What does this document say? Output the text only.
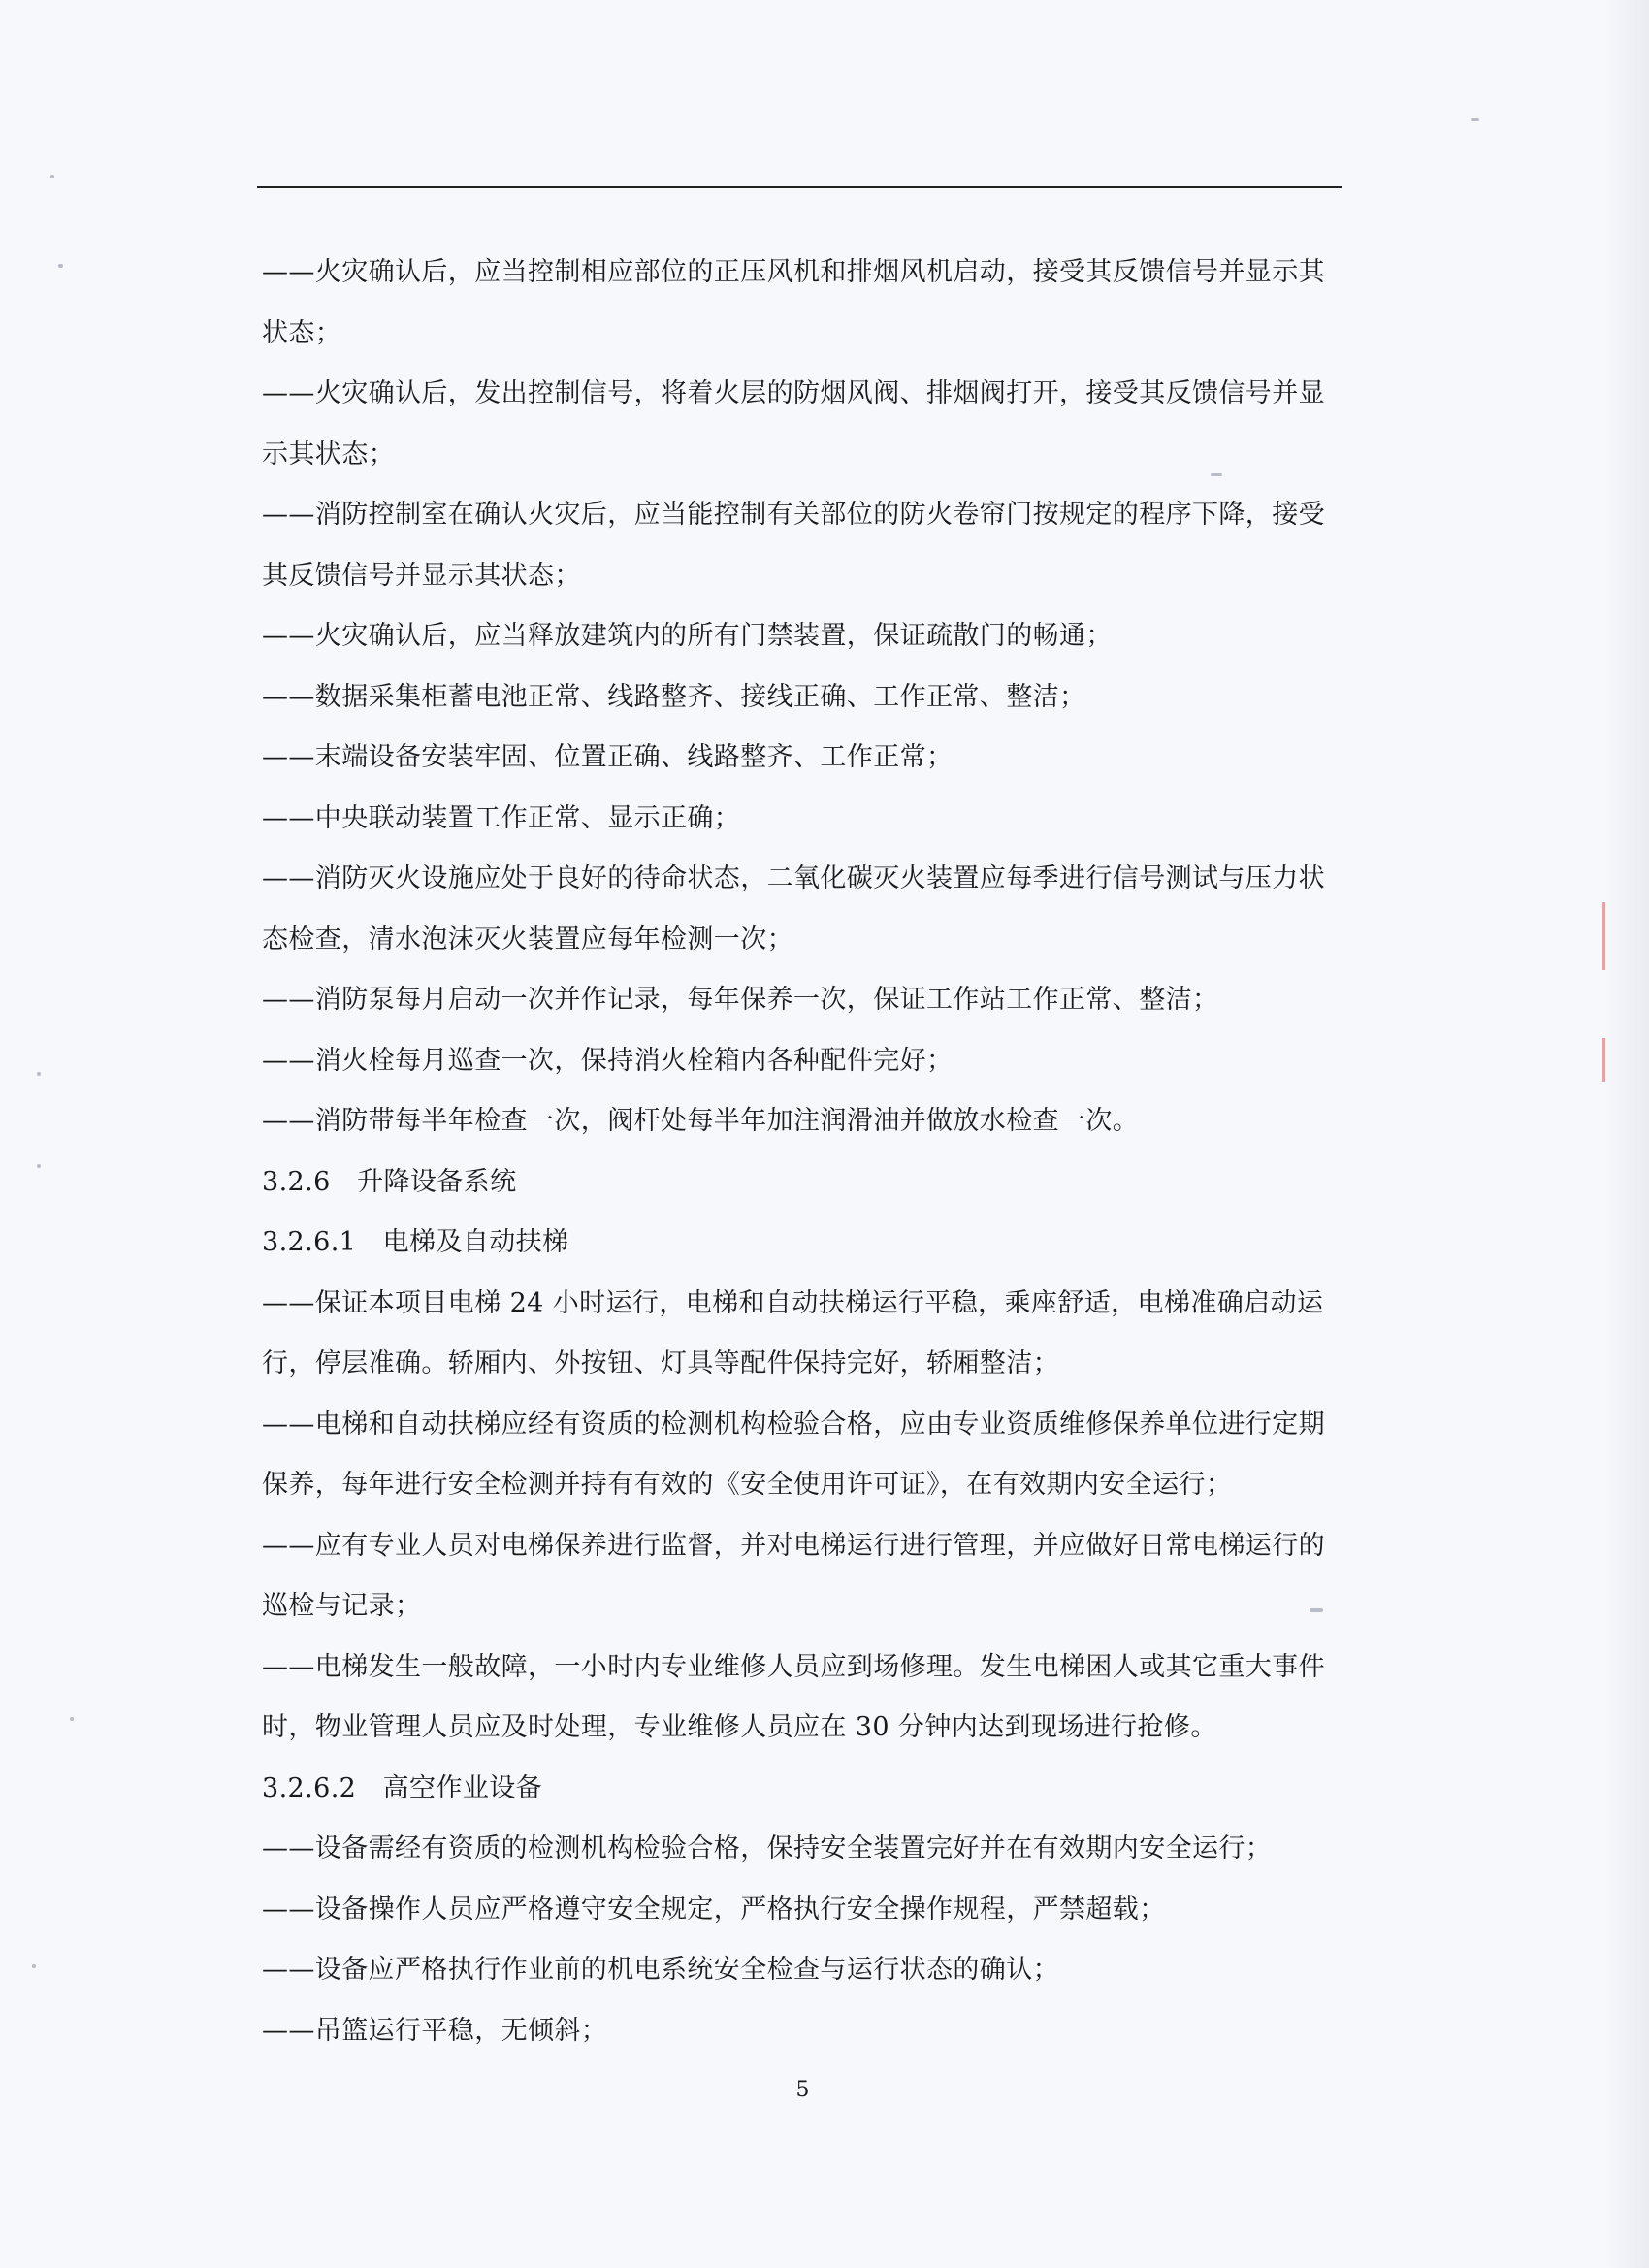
——火灾确认后，应当控制相应部位的正压风机和排烟风机启动，接受其反馈信号并显示其
状态；
——火灾确认后，发出控制信号，将着火层的防烟风阀、排烟阀打开，接受其反馈信号并显
示其状态；
——消防控制室在确认火灾后，应当能控制有关部位的防火卷帘门按规定的程序下降，接受
其反馈信号并显示其状态；
——火灾确认后，应当释放建筑内的所有门禁装置，保证疏散门的畅通；
——数据采集柜蓄电池正常、线路整齐、接线正确、工作正常、整洁；
——末端设备安装牢固、位置正确、线路整齐、工作正常；
——中央联动装置工作正常、显示正确；
——消防灭火设施应处于良好的待命状态，二氧化碳灭火装置应每季进行信号测试与压力状
态检查，清水泡沫灭火装置应每年检测一次；
——消防泵每月启动一次并作记录，每年保养一次，保证工作站工作正常、整洁；
——消火栓每月巡查一次，保持消火栓箱内各种配件完好；
——消防带每半年检查一次，阀杆处每半年加注润滑油并做放水检查一次。
3.2.6　升降设备系统
3.2.6.1　电梯及自动扶梯
——保证本项目电梯 24 小时运行，电梯和自动扶梯运行平稳，乘座舒适，电梯准确启动运
行，停层准确。轿厢内、外按钮、灯具等配件保持完好，轿厢整洁；
——电梯和自动扶梯应经有资质的检测机构检验合格，应由专业资质维修保养单位进行定期
保养，每年进行安全检测并持有有效的《安全使用许可证》，在有效期内安全运行；
——应有专业人员对电梯保养进行监督，并对电梯运行进行管理，并应做好日常电梯运行的
巡检与记录；
——电梯发生一般故障，一小时内专业维修人员应到场修理。发生电梯困人或其它重大事件
时，物业管理人员应及时处理，专业维修人员应在 30 分钟内达到现场进行抢修。
3.2.6.2　高空作业设备
——设备需经有资质的检测机构检验合格，保持安全装置完好并在有效期内安全运行；
——设备操作人员应严格遵守安全规定，严格执行安全操作规程，严禁超载；
——设备应严格执行作业前的机电系统安全检查与运行状态的确认；
——吊篮运行平稳，无倾斜；
5
